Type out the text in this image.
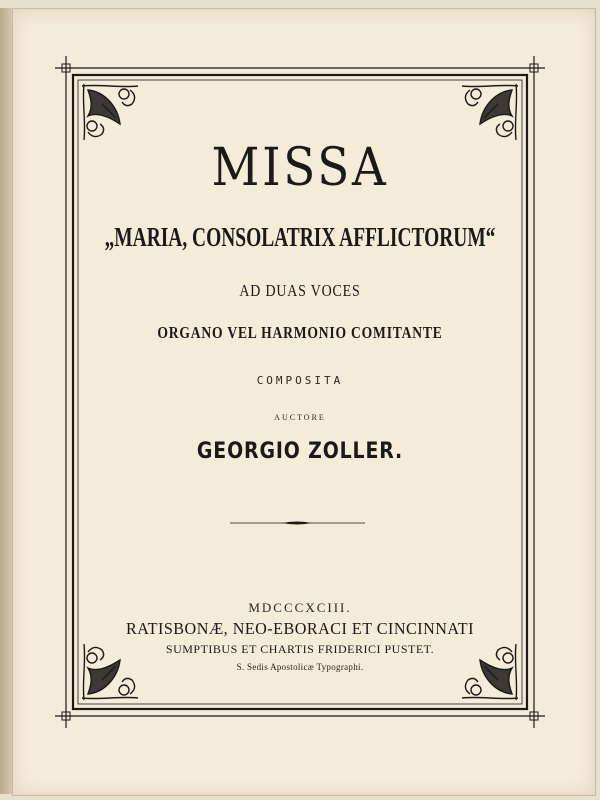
MISSA
„MARIA, CONSOLATRIX AFFLICTORUM“
AD DUAS VOCES
ORGANO VEL HARMONIO COMITANTE
COMPOSITA
AUCTORE
GEORGIO ZOLLER.
MDCCCXCIII.
RATISBONÆ, NEO-EBORACI ET CINCINNATI
SUMPTIBUS ET CHARTIS FRIDERICI PUSTET.
S. Sedis Apostolicæ Typographi.
